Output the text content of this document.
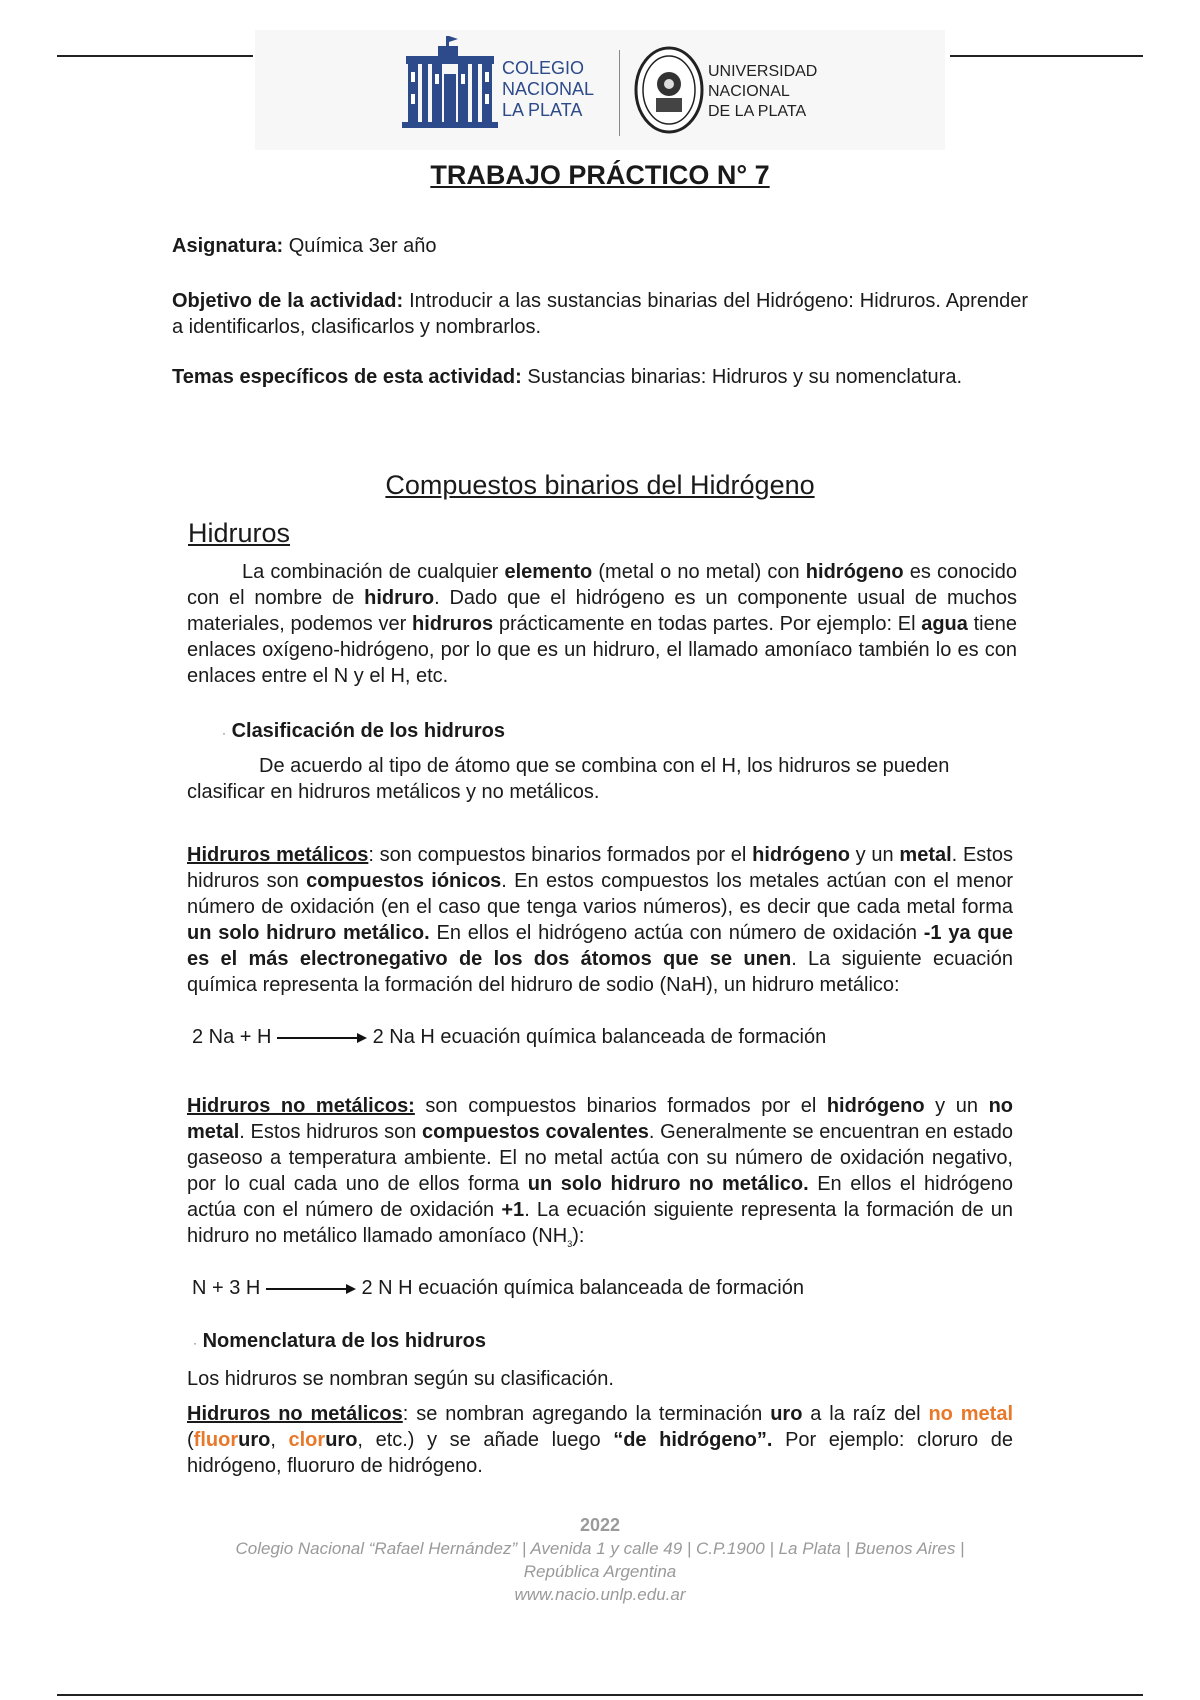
COLEGIO
NACIONAL
LA PLATA
UNIVERSIDAD
NACIONAL
DE LA PLATA
TRABAJO PRÁCTICO N° 7
Asignatura: Química 3er año
Objetivo de la actividad: Introducir a las sustancias binarias del Hidrógeno: Hidruros. Aprender a identificarlos, clasificarlos y nombrarlos.
Temas específicos de esta actividad: Sustancias binarias: Hidruros y su nomenclatura.
Compuestos binarios del Hidrógeno
Hidruros
La combinación de cualquier elemento (metal o no metal) con hidrógeno es conocido con el nombre de hidruro. Dado que el hidrógeno es un componente usual de muchos materiales, podemos ver hidruros prácticamente en todas partes. Por ejemplo: El agua tiene enlaces oxígeno-hidrógeno, por lo que es un hidruro, el llamado amoníaco también lo es con enlaces entre el N y el H, etc.
· Clasificación de los hidruros
De acuerdo al tipo de átomo que se combina con el H, los hidruros se pueden clasificar en hidruros metálicos y no metálicos.
Hidruros metálicos: son compuestos binarios formados por el hidrógeno y un metal. Estos hidruros son compuestos iónicos. En estos compuestos los metales actúan con el menor número de oxidación (en el caso que tenga varios números), es decir que cada metal forma un solo hidruro metálico. En ellos el hidrógeno actúa con número de oxidación -1 ya que es el más electronegativo de los dos átomos que se unen. La siguiente ecuación química representa la formación del hidruro de sodio (NaH), un hidruro metálico:
2 Na + H	2 Na H ecuación química balanceada de formación
Hidruros no metálicos: son compuestos binarios formados por el hidrógeno y un no metal. Estos hidruros son compuestos covalentes. Generalmente se encuentran en estado gaseoso a temperatura ambiente. El no metal actúa con su número de oxidación negativo, por lo cual cada uno de ellos forma un solo hidruro no metálico. En ellos el hidrógeno actúa con el número de oxidación +1. La ecuación siguiente representa la formación de un hidruro no metálico llamado amoníaco $(NH_3)$:
N + 3 H	2 N H ecuación química balanceada de formación
· Nomenclatura de los hidruros
Los hidruros se nombran según su clasificación.
Hidruros no metálicos: se nombran agregando la terminación uro a la raíz del no metal (fluoruro, cloruro, etc.) y se añade luego “de hidrógeno”. Por ejemplo: cloruro de hidrógeno, fluoruro de hidrógeno.
2022
Colegio Nacional “Rafael Hernández” | Avenida 1 y calle 49 | C.P.1900 | La Plata | Buenos Aires |
República Argentina
www.nacio.unlp.edu.ar
